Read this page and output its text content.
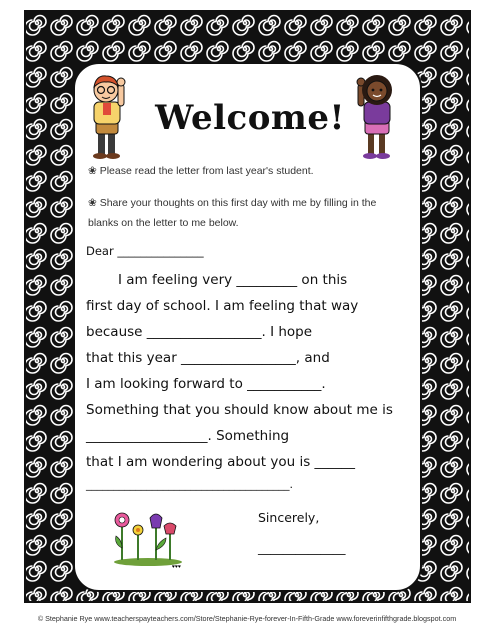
Welcome!
❀ Please read the letter from last year's student.
❀ Share your thoughts on this first day with me by filling in the
blanks on the letter to me below.
Dear _______________
I am feeling very _________ on this
first day of school. I am feeling that way
because _________________. I hope
that this year _________________, and
I am looking forward to ___________.
Something that you should know about me is
__________________. Something
that I am wondering about you is ______
_____________________________________.
♥♥♥
Sincerely,
______________
© Stephanie Rye www.teacherspayteachers.com/Store/Stephanie-Rye-forever-In-Fifth-Grade www.foreverinfifthgrade.blogspot.com
